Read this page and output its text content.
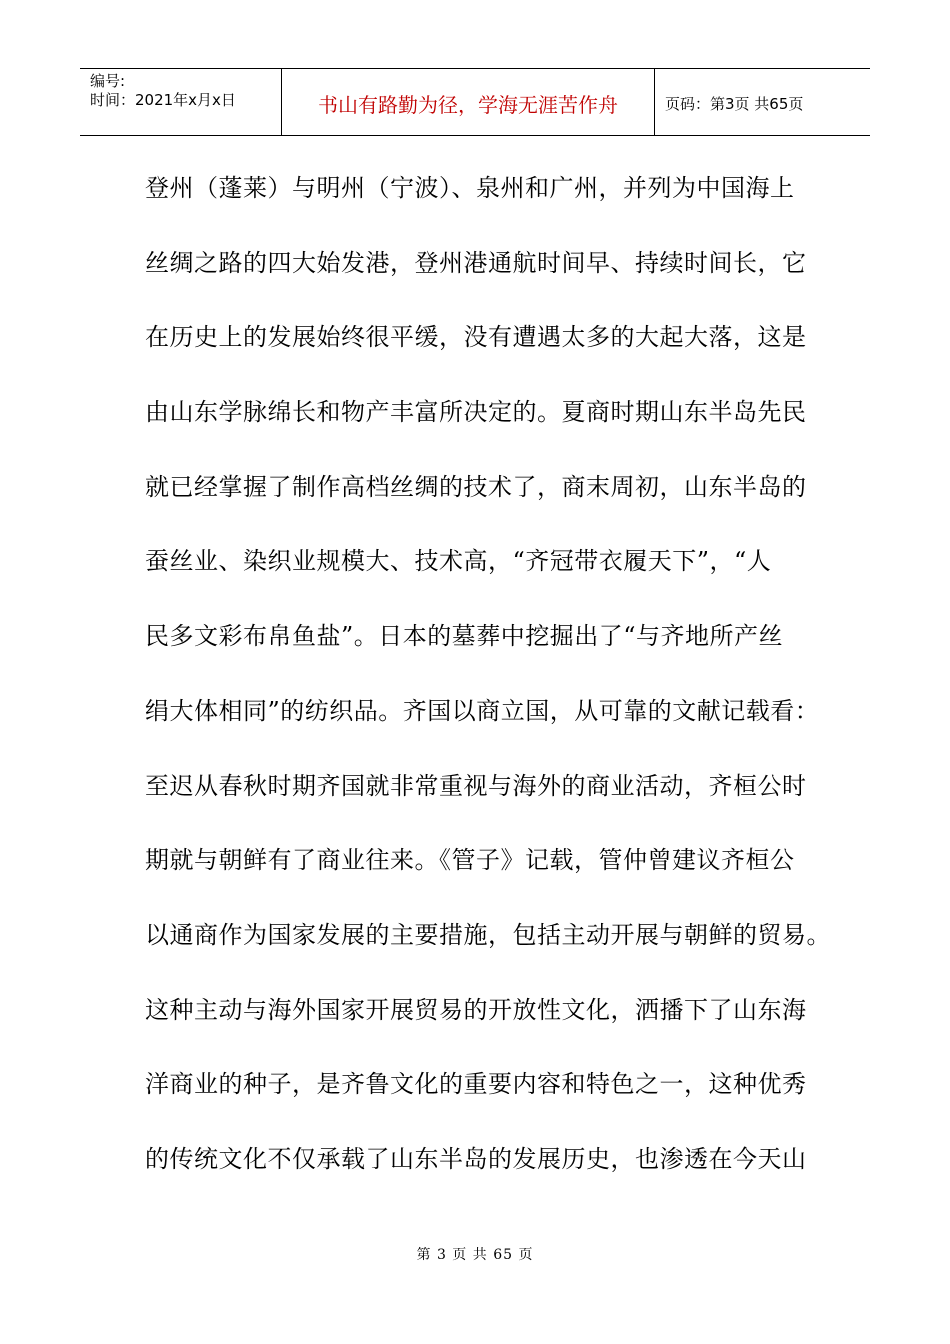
编号:
时间：2021年x月x日	书山有路勤为径，学海无涯苦作舟	页码：第3页 共65页
登州（蓬莱）与明州（宁波）、泉州和广州，并列为中国海上
丝绸之路的四大始发港，登州港通航时间早、持续时间长，它
在历史上的发展始终很平缓，没有遭遇太多的大起大落，这是
由山东学脉绵长和物产丰富所决定的。夏商时期山东半岛先民
就已经掌握了制作高档丝绸的技术了，商末周初，山东半岛的
蚕丝业、染织业规模大、技术高，“齐冠带衣履天下”，“人
民多文彩布帛鱼盐”。日本的墓葬中挖掘出了“与齐地所产丝
绢大体相同”的纺织品。齐国以商立国，从可靠的文献记载看：
至迟从春秋时期齐国就非常重视与海外的商业活动，齐桓公时
期就与朝鲜有了商业往来。《管子》记载，管仲曾建议齐桓公
以通商作为国家发展的主要措施，包括主动开展与朝鲜的贸易。
这种主动与海外国家开展贸易的开放性文化，洒播下了山东海
洋商业的种子，是齐鲁文化的重要内容和特色之一，这种优秀
的传统文化不仅承载了山东半岛的发展历史，也渗透在今天山
第 3 页 共 65 页
